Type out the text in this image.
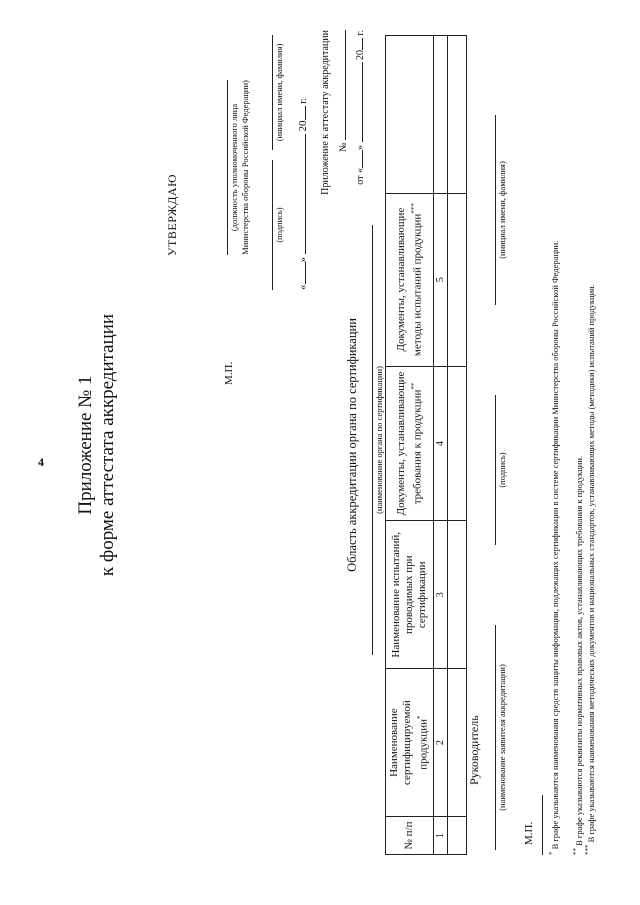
4 Приложение № 1 к форме аттестата аккредитации
УТВЕРЖДАЮ	(должность уполномоченного лица Министерства обороны Российской Федерации)	(подпись)
(инициал имени, фамилия)
М.П.
«»  20 г. Приложение к аттестату аккредитации №
от «»  20 г.
Область аккредитации органа по сертификации (наименование органа по сертификации)
№ п/п	Наименование сертифицируемой продукции*	Наименование испытаний, проводимых при сертификации	Документы, устанавливающие требования к продукции**	Документы, устанавливающие методы испытаний продукции***	
1	2	3	4	5	

Руководитель (наименование заявителя аккредитации)
(подпись)
(инициал имени, фамилия)
М.П.
* В графе указываются наименования средств защиты информации, подлежащих сертификации в системе сертификации Министерства обороны Российской Федерации.
** В графе указываются реквизиты нормативных правовых актов, устанавливающих требования к продукции.
*** В графе указываются наименования методических документов и национальных стандартов, устанавливающих методы (методики) испытаний продукции.
